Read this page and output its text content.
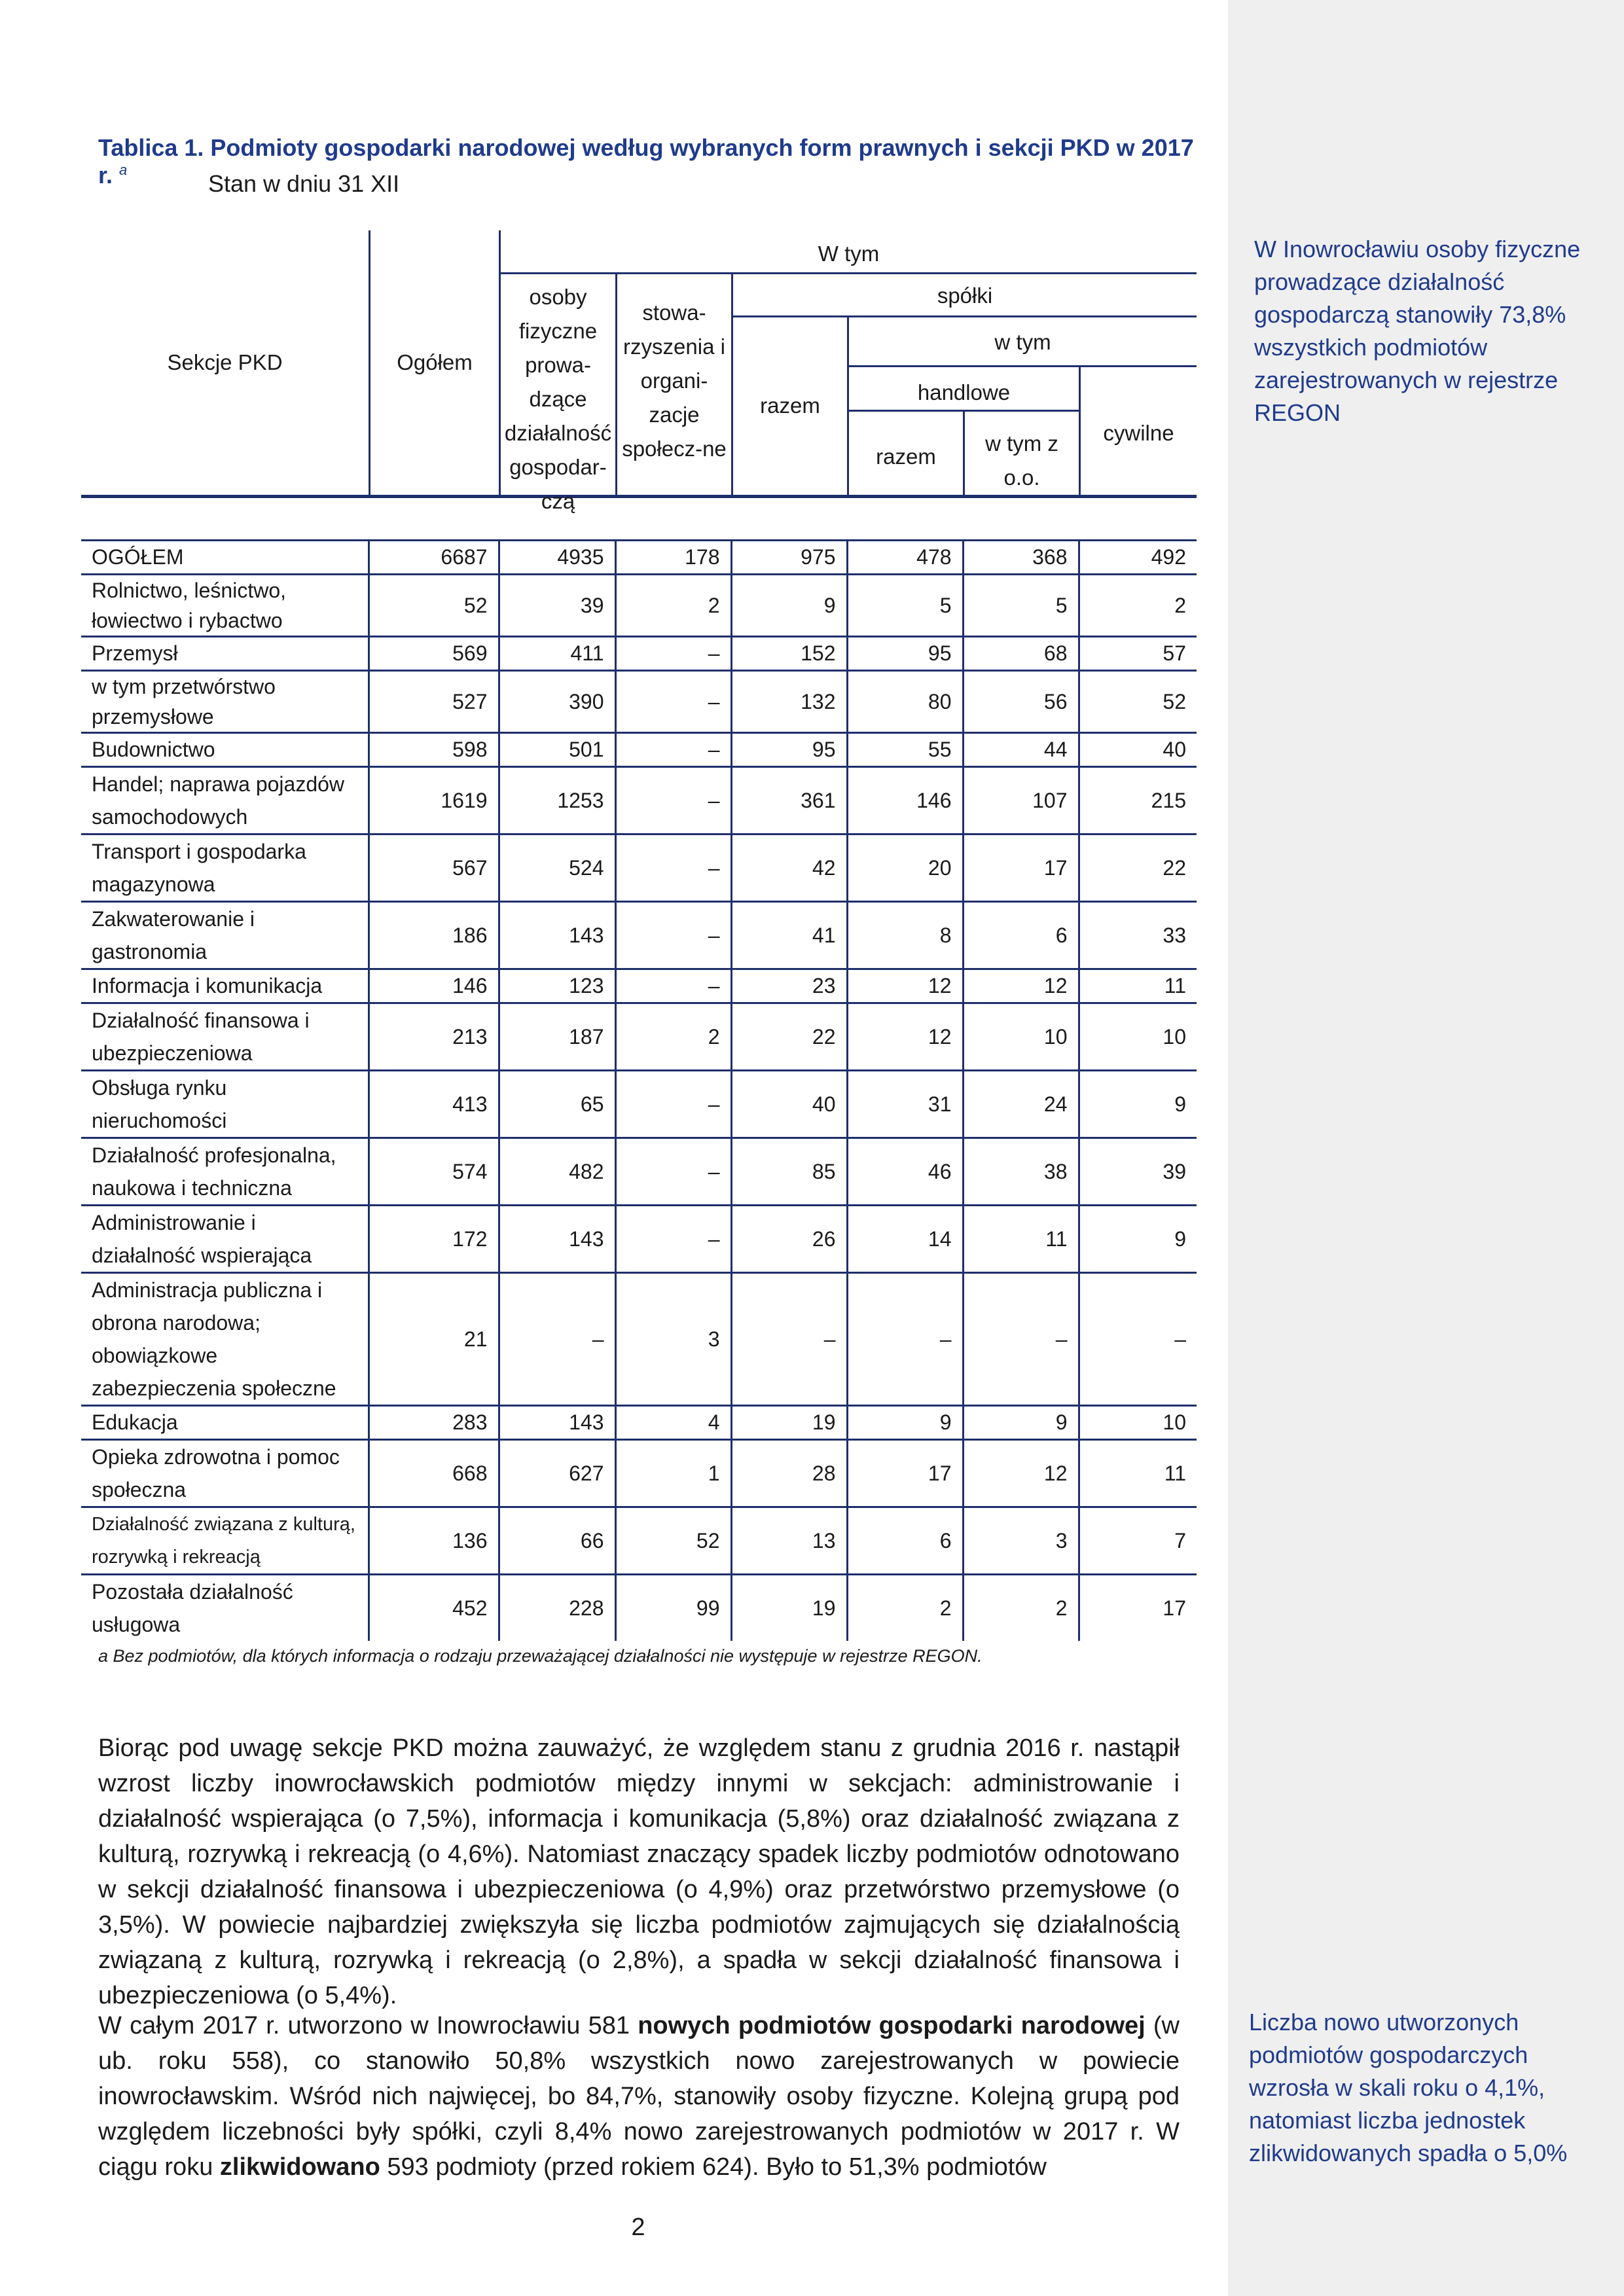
W Inowrocławiu osoby fizyczne prowadzące działalność gospodarczą stanowiły 73,8% wszystkich podmiotów zarejestrowanych w rejestrze REGON
Liczba nowo utworzonych podmiotów gospodarczych wzrosła w skali roku o 4,1%, natomiast liczba jednostek zlikwidowanych spadła o 5,0%
Tablica 1. Podmioty gospodarki narodowej według wybranych form prawnych i sekcji PKD w 2017 r. $^a$
Stan w dniu 31 XII
Sekcje PKD	Ogółem
W tym
osoby fizyczne prowa-dzące działalność gospodar-czą
stowa-rzyszenia i organi-zacje społecz-ne
spółki
razem
w tym
handlowe
razem
w tym z o.o.
cywilne
OGÓŁEM	6687	4935	178	975	478	368	492
Rolnictwo, leśnictwo, łowiectwo i rybactwo	52	39	2	9	5	5	2
Przemysł	569	411	–	152	95	68	57
w tym przetwórstwo przemysłowe	527	390	–	132	80	56	52
Budownictwo	598	501	–	95	55	44	40
Handel; naprawa pojazdów samochodowych	1619	1253	–	361	146	107	215
Transport i gospodarka magazynowa	567	524	–	42	20	17	22
Zakwaterowanie i gastronomia	186	143	–	41	8	6	33
Informacja i komunikacja	146	123	–	23	12	12	11
Działalność finansowa i ubezpieczeniowa	213	187	2	22	12	10	10
Obsługa rynku nieruchomości	413	65	–	40	31	24	9
Działalność profesjonalna, naukowa i techniczna	574	482	–	85	46	38	39
Administrowanie i działalność wspierająca	172	143	–	26	14	11	9
Administracja publiczna i obrona narodowa; obowiązkowe zabezpieczenia społeczne	21	–	3	–	–	–	–
Edukacja	283	143	4	19	9	9	10
Opieka zdrowotna i pomoc społeczna	668	627	1	28	17	12	11
Działalność związana z kulturą, rozrywką i rekreacją	136	66	52	13	6	3	7
Pozostała działalność usługowa	452	228	99	19	2	2	17
a Bez podmiotów, dla których informacja o rodzaju przeważającej działalności nie występuje w rejestrze REGON.
Biorąc pod uwagę sekcje PKD można zauważyć, że względem stanu z grudnia 2016 r. nastąpił wzrost liczby inowrocławskich podmiotów między innymi w sekcjach: administrowanie i działalność wspierająca (o 7,5%), informacja i komunikacja (5,8%) oraz działalność związana z kulturą, rozrywką i rekreacją (o 4,6%). Natomiast znaczący spadek liczby podmiotów odnotowano w sekcji działalność finansowa i ubezpieczeniowa (o 4,9%) oraz przetwórstwo przemysłowe (o 3,5%). W powiecie najbardziej zwiększyła się liczba podmiotów zajmujących się działalnością związaną z kulturą, rozrywką i rekreacją (o 2,8%), a spadła w sekcji działalność finansowa i ubezpieczeniowa (o 5,4%).
W całym 2017 r. utworzono w Inowrocławiu 581 nowych podmiotów gospodarki narodowej (w ub. roku 558), co stanowiło 50,8% wszystkich nowo zarejestrowanych w powiecie inowrocławskim. Wśród nich najwięcej, bo 84,7%, stanowiły osoby fizyczne. Kolejną grupą pod względem liczebności były spółki, czyli 8,4% nowo zarejestrowanych podmiotów w 2017 r. W ciągu roku zlikwidowano 593 podmioty (przed rokiem 624). Było to 51,3% podmiotów
2
